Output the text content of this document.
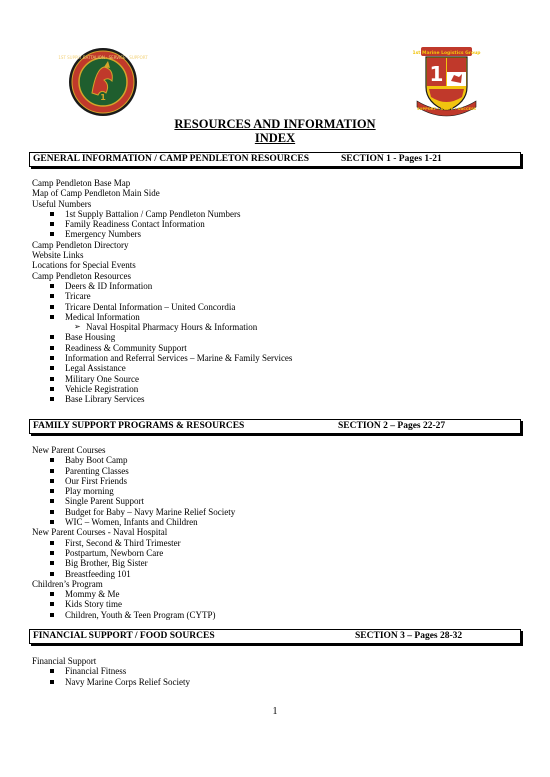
1
1ST SUPPLY BATTALION · SERVICE · SUPPORT
1st Marine Logistics Group
1
SUPPORT • UNITY • SUCCESS
RESOURCES AND INFORMATION
INDEX
GENERAL INFORMATION / CAMP PENDLETON RESOURCES	SECTION 1 - Pages 1-21
Camp Pendleton Base Map
Map of Camp Pendleton Main Side
Useful Numbers
1st Supply Battalion / Camp Pendleton Numbers
Family Readiness Contact Information
Emergency Numbers
Camp Pendleton Directory
Website Links
Locations for Special Events
Camp Pendleton Resources
Deers & ID Information
Tricare
Tricare Dental Information – United Concordia
Medical Information
➢ Naval Hospital Pharmacy Hours & Information
Base Housing
Readiness & Community Support
Information and Referral Services – Marine & Family Services
Legal Assistance
Military One Source
Vehicle Registration
Base Library Services
FAMILY SUPPORT PROGRAMS & RESOURCES	SECTION 2 – Pages 22-27
New Parent Courses
Baby Boot Camp
Parenting Classes
Our First Friends
Play morning
Single Parent Support
Budget for Baby – Navy Marine Relief Society
WIC – Women, Infants and Children
New Parent Courses - Naval Hospital
First, Second & Third Trimester
Postpartum, Newborn Care
Big Brother, Big Sister
Breastfeeding 101
Children’s Program
Mommy & Me
Kids Story time
Children, Youth & Teen Program (CYTP)
FINANCIAL SUPPORT / FOOD SOURCES	SECTION 3 – Pages 28-32
Financial Support
Financial Fitness
Navy Marine Corps Relief Society
1
